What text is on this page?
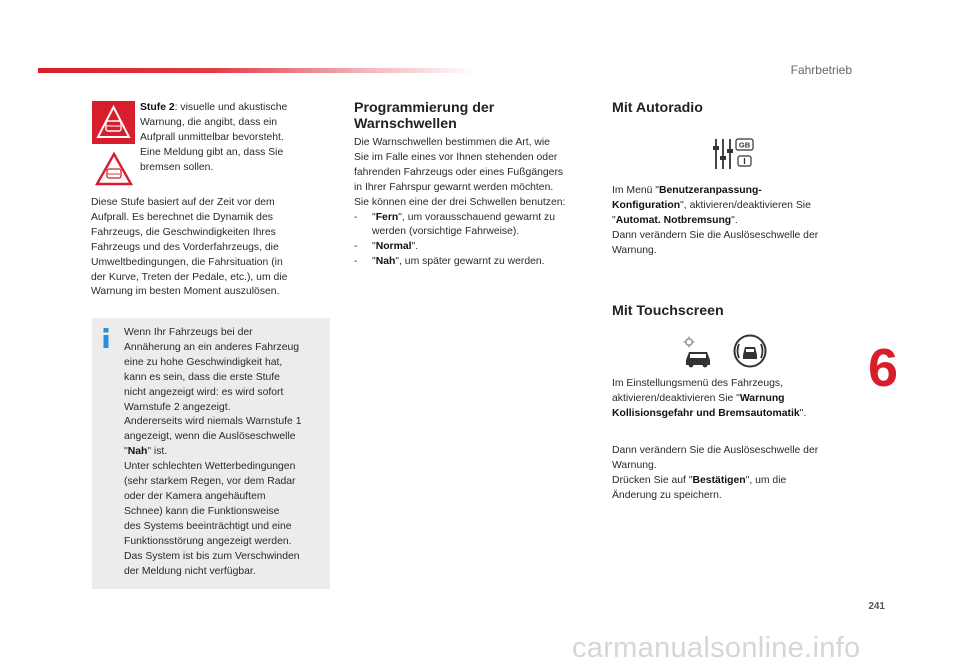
Fahrbetrieb
Stufe 2: visuelle und akustische
Warnung, die angibt, dass ein
Aufprall unmittelbar bevorsteht.
Eine Meldung gibt an, dass Sie
bremsen sollen.
Diese Stufe basiert auf der Zeit vor dem
Aufprall. Es berechnet die Dynamik des
Fahrzeugs, die Geschwindigkeiten Ihres
Fahrzeugs und des Vorderfahrzeugs, die
Umweltbedingungen, die Fahrsituation (in
der Kurve, Treten der Pedale, etc.), um die
Warnung im besten Moment auszulösen.
Wenn Ihr Fahrzeugs bei der
Annäherung an ein anderes Fahrzeug
eine zu hohe Geschwindigkeit hat,
kann es sein, dass die erste Stufe
nicht angezeigt wird: es wird sofort
Warnstufe 2 angezeigt.
Andererseits wird niemals Warnstufe 1
angezeigt, wenn die Auslöseschwelle
"Nah" ist.
Unter schlechten Wetterbedingungen
(sehr starkem Regen, vor dem Radar
oder der Kamera angehäuftem
Schnee) kann die Funktionsweise
des Systems beeinträchtigt und eine
Funktionsstörung angezeigt werden.
Das System ist bis zum Verschwinden
der Meldung nicht verfügbar.
Programmierung der
Warnschwellen
Die Warnschwellen bestimmen die Art, wie
Sie im Falle eines vor Ihnen stehenden oder
fahrenden Fahrzeugs oder eines Fußgängers
in Ihrer Fahrspur gewarnt werden möchten.
Sie können eine der drei Schwellen benutzen:
-	"Fern", um vorausschauend gewarnt zu
werden (vorsichtige Fahrweise).
-	"Normal".
-	"Nah", um später gewarnt zu werden.
Mit Autoradio
GB
Im Menü "Benutzeranpassung-
Konfiguration", aktivieren/deaktivieren Sie
"Automat. Notbremsung".
Dann verändern Sie die Auslöseschwelle der
Warnung.
Mit Touchscreen
Im Einstellungsmenü des Fahrzeugs,
aktivieren/deaktivieren Sie "Warnung
Kollisionsgefahr und Bremsautomatik".
Dann verändern Sie die Auslöseschwelle der
Warnung.
Drücken Sie auf "Bestätigen", um die
Änderung zu speichern.
6
241
carmanualsonline.info
